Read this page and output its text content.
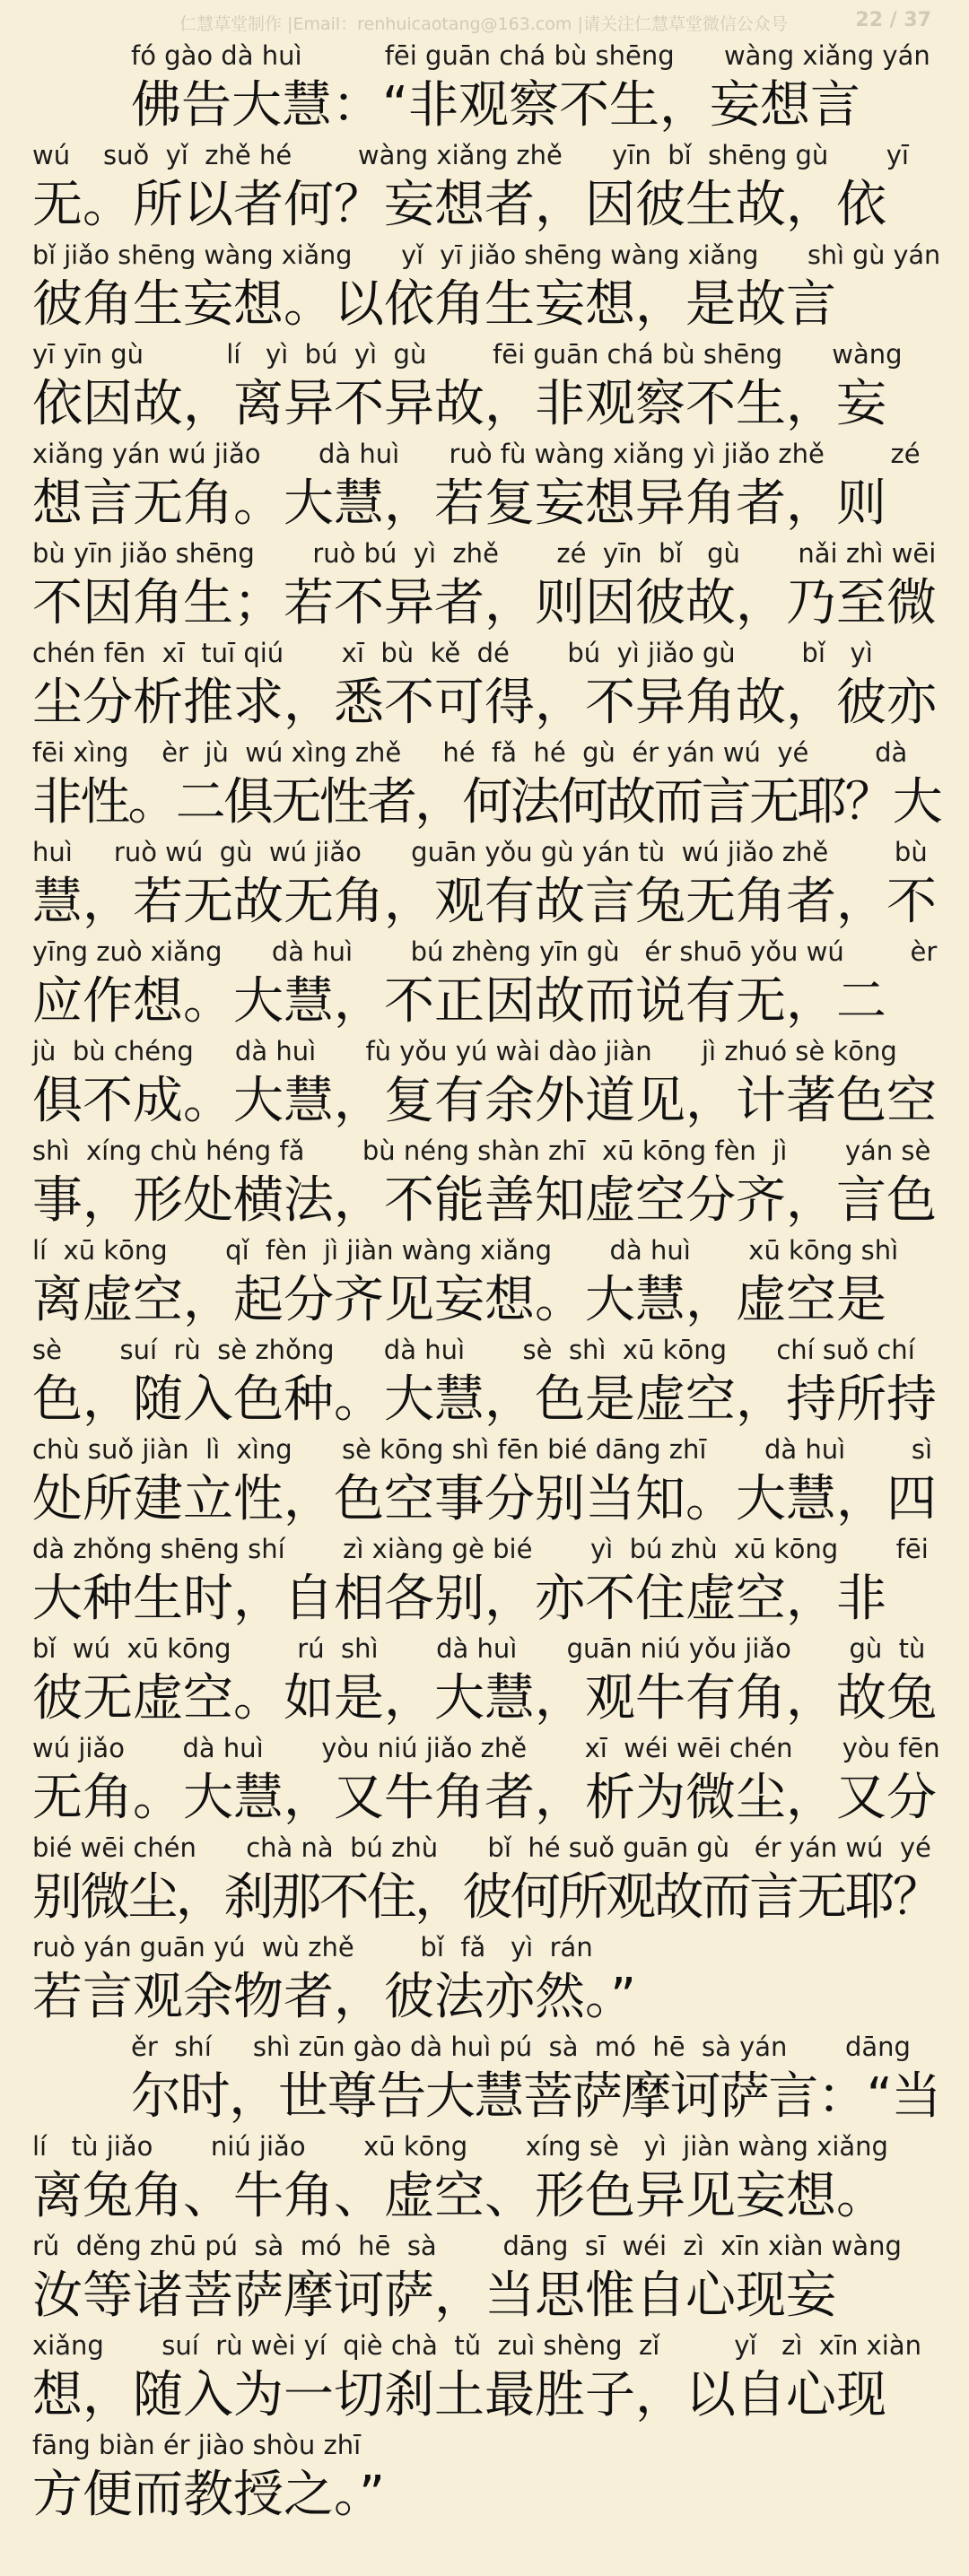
仁慧草堂制作 |Email：renhuicaotang@163.com |请关注仁慧草堂微信公众号	22 / 37
fó gào dà huì          fēi guān chá bù shēng      wàng xiǎng yán
佛告大慧：“非观察不生，妄想言
wú    suǒ  yǐ  zhě hé        wàng xiǎng zhě      yīn  bǐ  shēng gù       yī
无。所以者何？妄想者，因彼生故，依
bǐ jiǎo shēng wàng xiǎng      yǐ  yī jiǎo shēng wàng xiǎng      shì gù yán
彼角生妄想。以依角生妄想，是故言
yī yīn gù          lí   yì  bú  yì  gù        fēi guān chá bù shēng      wàng
依因故，离异不异故，非观察不生，妄
xiǎng yán wú jiǎo       dà huì      ruò fù wàng xiǎng yì jiǎo zhě        zé
想言无角。大慧，若复妄想异角者，则
bù yīn jiǎo shēng       ruò bú  yì  zhě       zé  yīn  bǐ   gù       nǎi zhì wēi
不因角生；若不异者，则因彼故，乃至微
chén fēn  xī  tuī qiú       xī  bù  kě  dé       bú  yì jiǎo gù        bǐ   yì
尘分析推求，悉不可得，不异角故，彼亦
fēi xìng    èr  jù  wú xìng zhě     hé  fǎ  hé  gù  ér yán wú  yé        dà
非性。二俱无性者，何法何故而言无耶？大
huì     ruò wú  gù  wú jiǎo      guān yǒu gù yán tù  wú jiǎo zhě        bù
慧，若无故无角，观有故言兔无角者，不
yīng zuò xiǎng      dà huì       bú zhèng yīn gù   ér shuō yǒu wú        èr
应作想。大慧，不正因故而说有无，二
jù  bù chéng     dà huì      fù yǒu yú wài dào jiàn      jì zhuó sè kōng
俱不成。大慧，复有余外道见，计著色空
shì  xíng chù héng fǎ       bù néng shàn zhī  xū kōng fèn  jì       yán sè
事，形处横法，不能善知虚空分齐，言色
lí  xū kōng       qǐ  fèn  jì jiàn wàng xiǎng       dà huì       xū kōng shì
离虚空，起分齐见妄想。大慧，虚空是
sè       suí  rù  sè zhǒng      dà huì       sè  shì  xū kōng      chí suǒ chí
色，随入色种。大慧，色是虚空，持所持
chù suǒ jiàn  lì  xìng      sè kōng shì fēn bié dāng zhī       dà huì        sì
处所建立性，色空事分别当知。大慧，四
dà zhǒng shēng shí       zì xiàng gè bié       yì  bú zhù  xū kōng       fēi
大种生时，自相各别，亦不住虚空，非
bǐ  wú  xū kōng        rú  shì       dà huì      guān niú yǒu jiǎo       gù  tù
彼无虚空。如是，大慧，观牛有角，故兔
wú jiǎo       dà huì       yòu niú jiǎo zhě       xī  wéi wēi chén      yòu fēn
无角。大慧，又牛角者，析为微尘，又分
bié wēi chén      chà nà  bú zhù      bǐ  hé suǒ guān gù   ér yán wú  yé
别微尘，刹那不住，彼何所观故而言无耶？
ruò yán guān yú  wù zhě        bǐ  fǎ   yì  rán
若言观余物者，彼法亦然。”
ěr  shí     shì zūn gào dà huì pú  sà  mó  hē  sà yán       dāng
尔时，世尊告大慧菩萨摩诃萨言：“当
lí   tù jiǎo       niú jiǎo       xū kōng       xíng sè   yì  jiàn wàng xiǎng
离兔角、牛角、虚空、形色异见妄想。
rǔ  děng zhū pú  sà  mó  hē  sà        dāng  sī  wéi  zì  xīn xiàn wàng
汝等诸菩萨摩诃萨，当思惟自心现妄
xiǎng       suí  rù wèi yí  qiè chà  tǔ  zuì shèng  zǐ         yǐ   zì  xīn xiàn
想，随入为一切刹土最胜子，以自心现
fāng biàn ér jiào shòu zhī
方便而教授之。”
